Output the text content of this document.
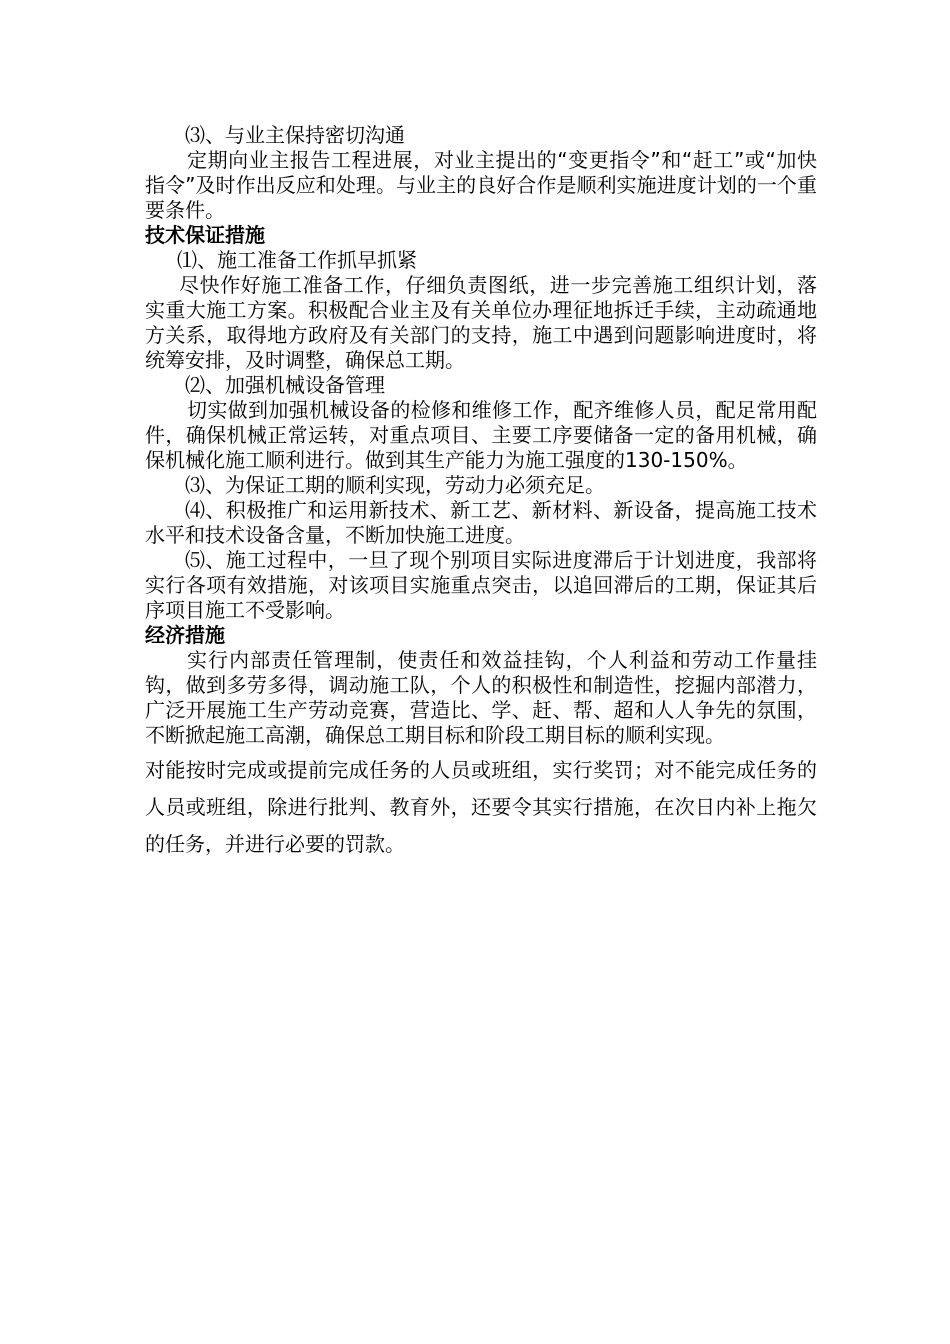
⑶、与业主保持密切沟通

定期向业主报告工程进展，对业主提出的“变更指令”和“赶工”或“加快指令”及时作出反应和处理。与业主的良好合作是顺利实施进度计划的一个重要条件。

技术保证措施

⑴、施工准备工作抓早抓紧

尽快作好施工准备工作，仔细负责图纸，进一步完善施工组织计划，落实重大施工方案。积极配合业主及有关单位办理征地拆迁手续，主动疏通地方关系，取得地方政府及有关部门的支持，施工中遇到问题影响进度时，将统筹安排，及时调整，确保总工期。

⑵、加强机械设备管理

切实做到加强机械设备的检修和维修工作，配齐维修人员，配足常用配件，确保机械正常运转，对重点项目、主要工序要储备一定的备用机械，确保机械化施工顺利进行。做到其生产能力为施工强度的130-150%。

⑶、为保证工期的顺利实现，劳动力必须充足。

⑷、积极推广和运用新技术、新工艺、新材料、新设备，提高施工技术水平和技术设备含量，不断加快施工进度。

⑸、施工过程中，一旦了现个别项目实际进度滞后于计划进度，我部将实行各项有效措施，对该项目实施重点突击，以追回滞后的工期，保证其后序项目施工不受影响。

经济措施

实行内部责任管理制，使责任和效益挂钩，个人利益和劳动工作量挂钩，做到多劳多得，调动施工队，个人的积极性和制造性，挖掘内部潜力，广泛开展施工生产劳动竞赛，营造比、学、赶、帮、超和人人争先的氛围，不断掀起施工高潮，确保总工期目标和阶段工期目标的顺利实现。

对能按时完成或提前完成任务的人员或班组，实行奖罚；对不能完成任务的人员或班组，除进行批判、教育外，还要令其实行措施，在次日内补上拖欠的任务，并进行必要的罚款。
